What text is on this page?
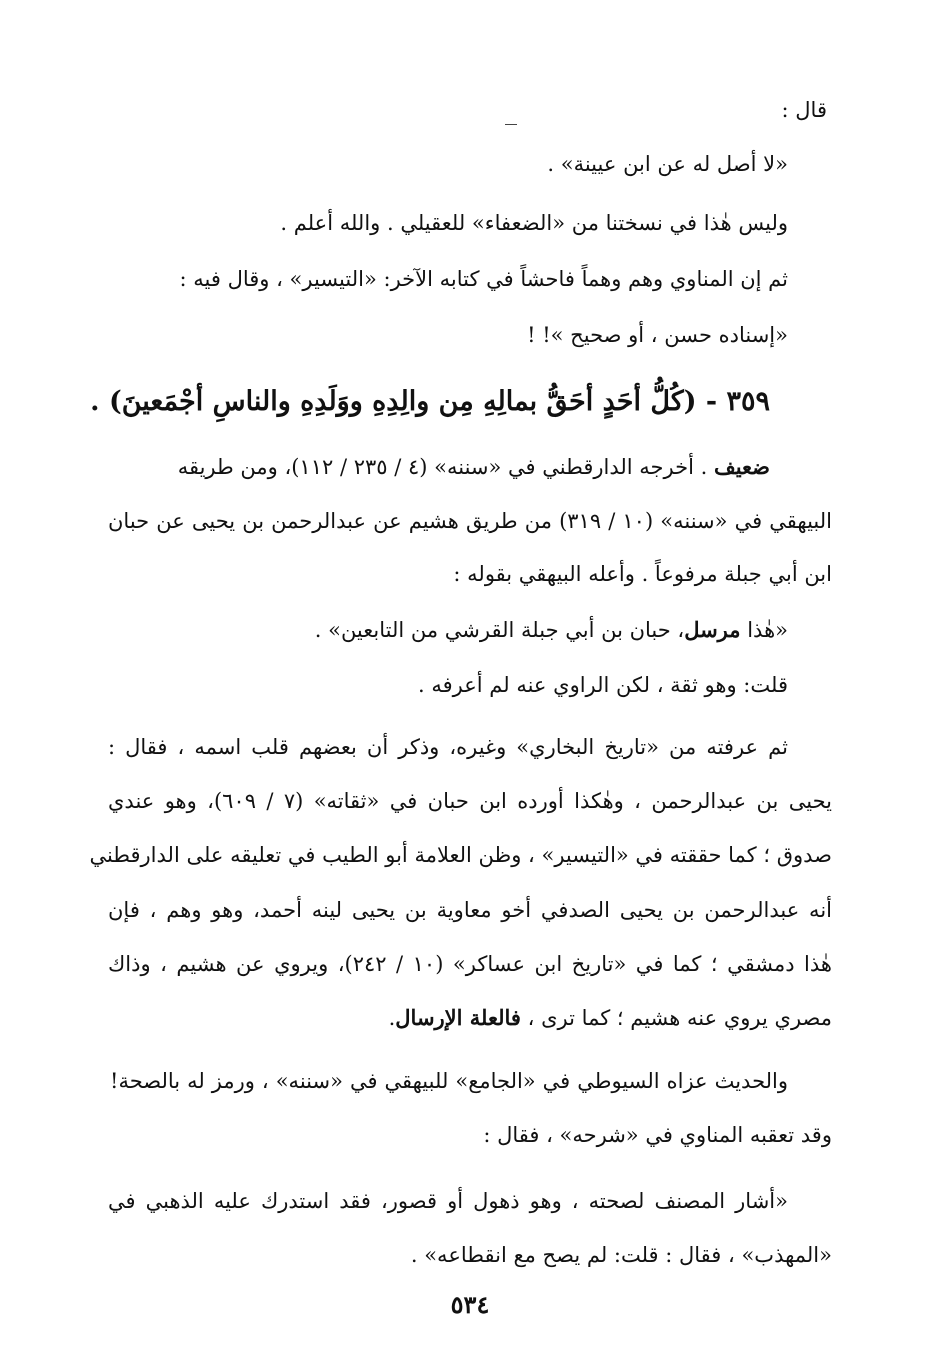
قال :
«لا أصل له عن ابن عيينة» .
وليس هٰذا في نسختنا من «الضعفاء» للعقيلي . والله أعلم .
ثم إن المناوي وهم وهماً فاحشاً في كتابه الآخر: «التيسير» ، وقال فيه :
«إسناده حسن ، أو صحيح »! !
٣٥٩ - (كُلُّ أحَدٍ أحَقُّ بمالِهِ مِن والِدِهِ ووَلَدِهِ والناسِ أجْمَعينَ) .
ضعيف . أخرجه الدارقطني في «سننه» (٤ / ٢٣٥ / ١١٢)، ومن طريقه
البيهقي في «سننه» (١٠ / ٣١٩) من طريق هشيم عن عبدالرحمن بن يحيى عن حبان
ابن أبي جبلة مرفوعاً . وأعله البيهقي بقوله :
«هٰذا مرسل، حبان بن أبي جبلة القرشي من التابعين» .
قلت: وهو ثقة ، لكن الراوي عنه لم أعرفه .
ثم عرفته من «تاريخ البخاري» وغيره، وذكر أن بعضهم قلب اسمه ، فقال :
يحيى بن عبدالرحمن ، وهٰكذا أورده ابن حبان في «ثقاته» (٧ / ٦٠٩)، وهو عندي
صدوق ؛ كما حققته في «التيسير» ، وظن العلامة أبو الطيب في تعليقه على الدارقطني
أنه عبدالرحمن بن يحيى الصدفي أخو معاوية بن يحيى لينه أحمد، وهو وهم ، فإن
هٰذا دمشقي ؛ كما في «تاريخ ابن عساكر» (١٠ / ٢٤٢)، ويروي عن هشيم ، وذاك
مصري يروي عنه هشيم ؛ كما ترى ، فالعلة الإرسال.
والحديث عزاه السيوطي في «الجامع» للبيهقي في «سننه» ، ورمز له بالصحة!
وقد تعقبه المناوي في «شرحه» ، فقال :
«أشار المصنف لصحته ، وهو ذهول أو قصور، فقد استدرك عليه الذهبي في
«المهذب» ، فقال : قلت: لم يصح مع انقطاعه» .
٥٣٤
